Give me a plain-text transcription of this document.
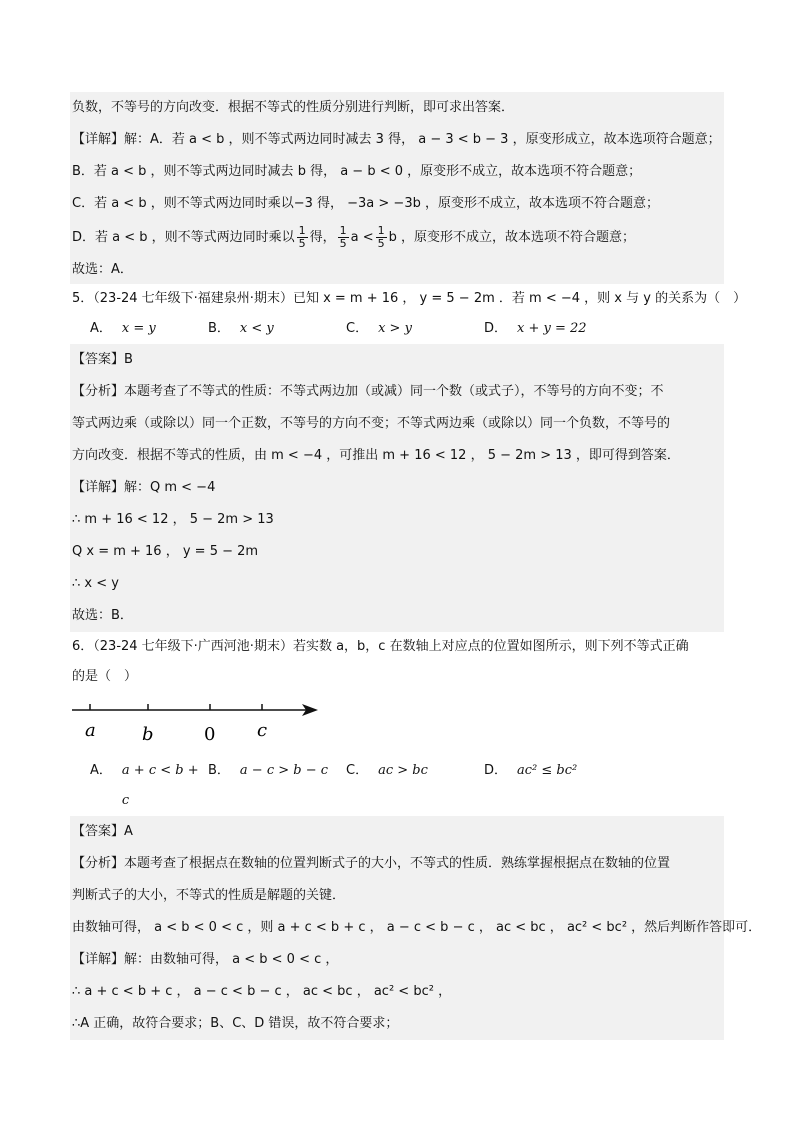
负数，不等号的方向改变．根据不等式的性质分别进行判断，即可求出答案．
【详解】解：A．若 a < b ，则不等式两边同时减去 3 得， a − 3 < b − 3 ，原变形成立，故本选项符合题意；
B．若 a < b ，则不等式两边同时减去 b 得， a − b < 0 ，原变形不成立，故本选项不符合题意；
C．若 a < b ，则不等式两边同时乘以−3 得， −3a > −3b ，原变形不成立，故本选项不符合题意；
D．若 a < b ，则不等式两边同时乘以 $\frac{1}{5}$ 得， $\frac{1}{5}$ $a < \frac{1}{5}$ b ，原变形不成立，故本选项不符合题意；
故选：A．
5．（23-24 七年级下·福建泉州·期末）已知 x = m + 16 ， y = 5 − 2m ．若 m < −4 ，则 x 与 y 的关系为（　）
A． x = y	B． x < y	C． x > y	D． x + y = 22
【答案】B
【分析】本题考查了不等式的性质：不等式两边加（或减）同一个数（或式子），不等号的方向不变；不
等式两边乘（或除以）同一个正数，不等号的方向不变；不等式两边乘（或除以）同一个负数，不等号的
方向改变．根据不等式的性质，由 m < −4 ，可推出 m + 16 < 12 ， 5 − 2m > 13 ，即可得到答案．
【详解】解：Q m < −4
∴ m + 16 < 12 ， 5 − 2m > 13
Q x = m + 16 ， y = 5 − 2m
∴ x < y
故选：B．
6．（23-24 七年级下·广西河池·期末）若实数 a，b，c 在数轴上对应点的位置如图所示，则下列不等式正确
的是（　）
a	b	0 c
A． a + c < b + c
B． a − c > b − c C． ac > bc	D． ac² ≤ bc²
【答案】A
【分析】本题考查了根据点在数轴的位置判断式子的大小，不等式的性质．熟练掌握根据点在数轴的位置
判断式子的大小，不等式的性质是解题的关键．
由数轴可得， a < b < 0 < c ，则 a + c < b + c ， a − c < b − c ， ac < bc ， ac² < bc² ，然后判断作答即可．
【详解】解：由数轴可得， a < b < 0 < c ，
∴ a + c < b + c ， a − c < b − c ， ac < bc ， ac² < bc² ，
∴A 正确，故符合要求；B、C、D 错误，故不符合要求；
